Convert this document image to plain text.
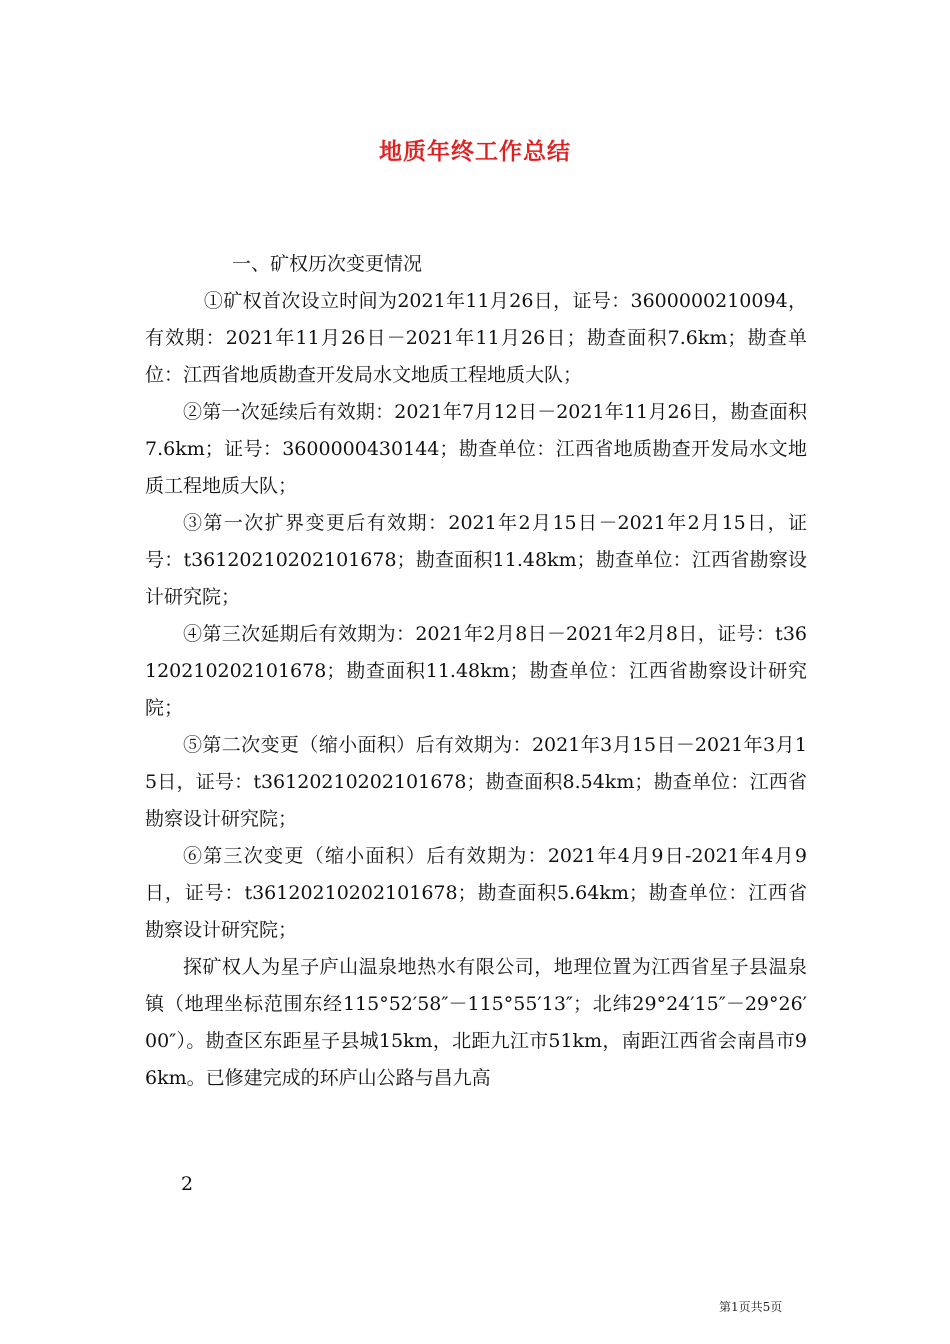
地质年终工作总结
一、矿权历次变更情况

①矿权首次设立时间为2021年11月26日，证号：3600000210094，有效期：2021年11月26日－2021年11月26日；勘查面积7.6km；勘查单位：江西省地质勘查开发局水文地质工程地质大队；

②第一次延续后有效期：2021年7月12日－2021年11月26日，勘查面积7.6km；证号：3600000430144；勘查单位：江西省地质勘查开发局水文地质工程地质大队；

③第一次扩界变更后有效期：2021年2月15日－2021年2月15日，证号：t36120210202101678；勘查面积11.48km；勘查单位：江西省勘察设计研究院；

④第三次延期后有效期为：2021年2月8日－2021年2月8日，证号：t36120210202101678；勘查面积11.48km；勘查单位：江西省勘察设计研究院；

⑤第二次变更（缩小面积）后有效期为：2021年3月15日－2021年3月15日，证号：t36120210202101678；勘查面积8.54km；勘查单位：江西省勘察设计研究院；

⑥第三次变更（缩小面积）后有效期为：2021年4月9日-2021年4月9日，证号：t36120210202101678；勘查面积5.64km；勘查单位：江西省勘察设计研究院；

探矿权人为星子庐山温泉地热水有限公司，地理位置为江西省星子县温泉镇（地理坐标范围东经115°52′58″－115°55′13″；北纬29°24′15″－29°26′00″）。勘查区东距星子县城15km，北距九江市51km，南距江西省会南昌市96km。已修建完成的环庐山公路与昌九高

2
第1页共5页
